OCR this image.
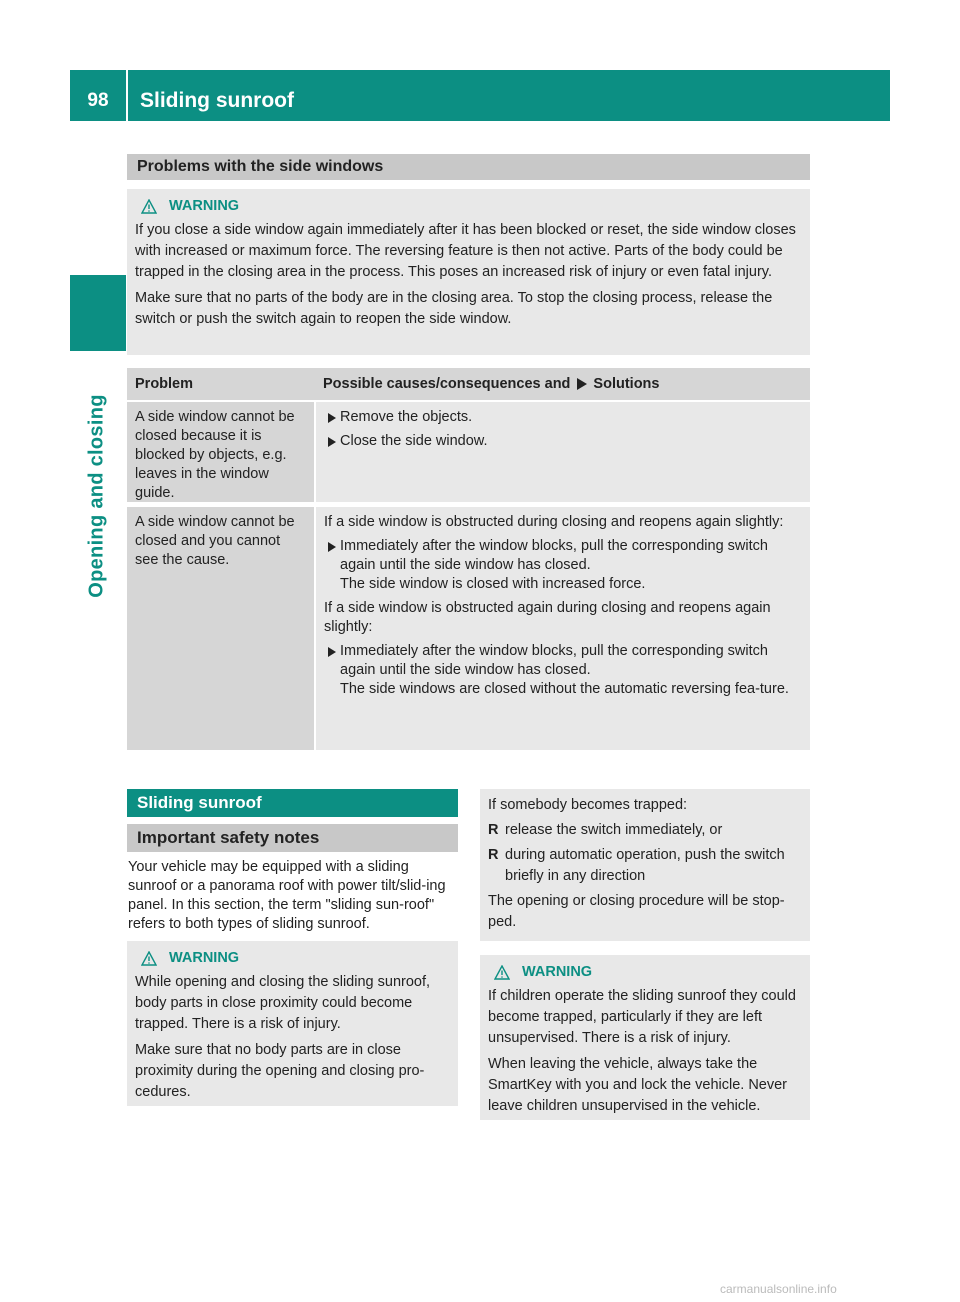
98	Sliding sunroof
Opening and closing
Problems with the side windows
WARNING

If you close a side window again immediately after it has been blocked or reset, the side window closes with increased or maximum force. The reversing feature is then not active. Parts of the body could be trapped in the closing area in the process. This poses an increased risk of injury or even fatal injury.

Make sure that no parts of the body are in the closing area. To stop the closing process, release the switch or push the switch again to reopen the side window.

Problem	Possible causes/consequences and Solutions
A side window cannot be closed because it is blocked by objects, e.g. leaves in the window guide.
Remove the objects.
Close the side window.
A side window cannot be closed and you cannot see the cause.

If a side window is obstructed during closing and reopens again slightly:

Immediately after the window blocks, pull the corresponding switch again until the side window has closed.
The side window is closed with increased force.

If a side window is obstructed again during closing and reopens again slightly:

Immediately after the window blocks, pull the corresponding switch again until the side window has closed.
The side windows are closed without the automatic reversing fea-ture.
Sliding sunroof
Important safety notes
Your vehicle may be equipped with a sliding sunroof or a panorama roof with power tilt/slid-ing panel. In this section, the term "sliding sun-roof" refers to both types of sliding sunroof.
WARNING

While opening and closing the sliding sunroof, body parts in close proximity could become trapped. There is a risk of injury.

Make sure that no body parts are in close proximity during the opening and closing pro-cedures.

If somebody becomes trapped:

R release the switch immediately, or
R during automatic operation, push the switch briefly in any direction

The opening or closing procedure will be stop-ped.

WARNING

If children operate the sliding sunroof they could become trapped, particularly if they are left unsupervised. There is a risk of injury.

When leaving the vehicle, always take the SmartKey with you and lock the vehicle. Never leave children unsupervised in the vehicle.

carmanualsonline.info
